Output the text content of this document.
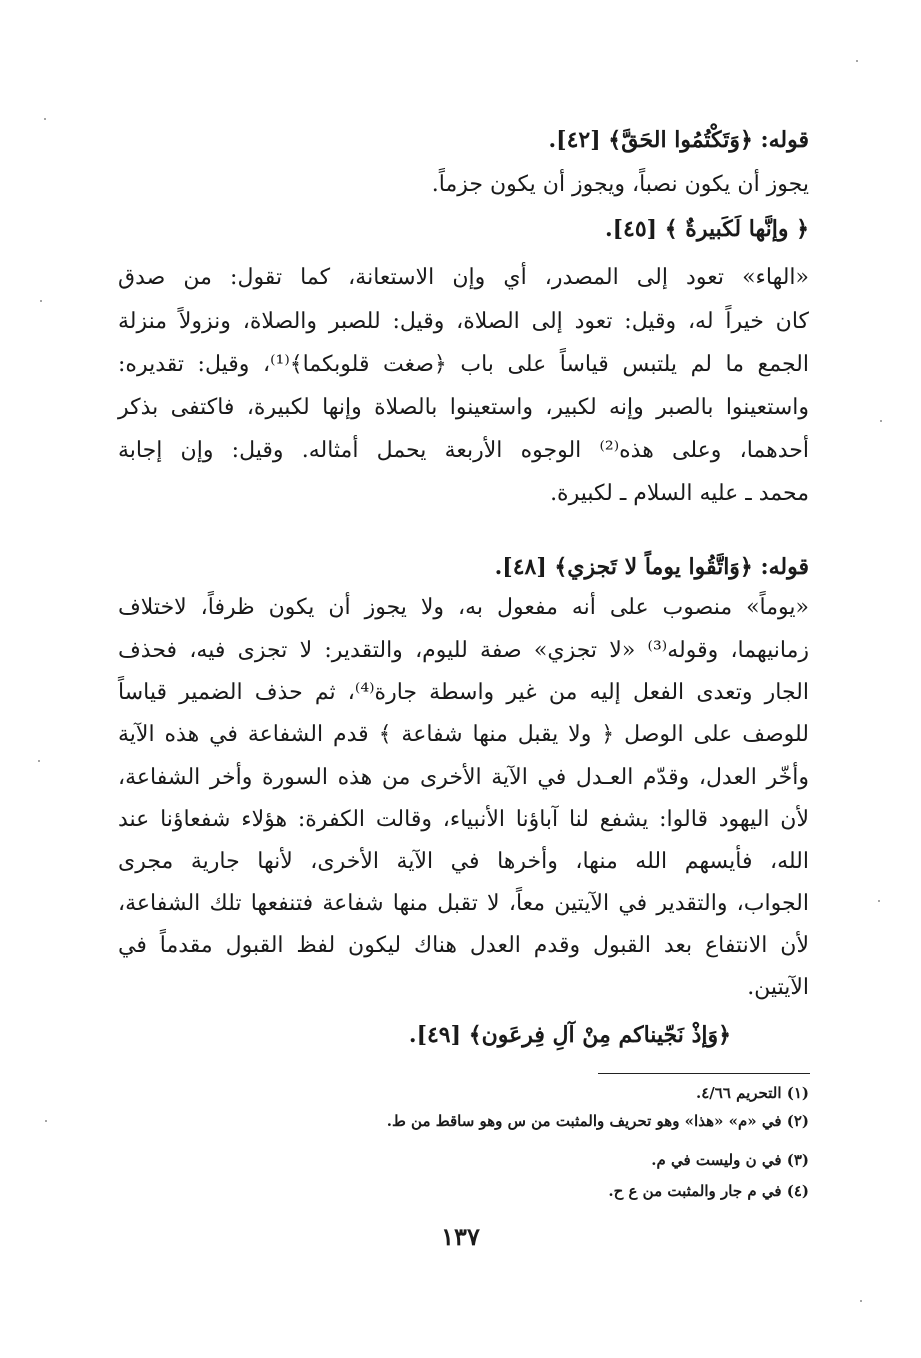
قوله: ﴿وَتَكْتُمُوا الحَقَّ﴾ [٤٢].
يجوز أن يكون نصباً، ويجوز أن يكون جزماً.
﴿ وإنَّها لَكَبيرةٌ ﴾ [٤٥].
«الهاء» تعود إلى المصدر، أي وإن الاستعانة، كما تقول: من صدق
كان خيراً له، وقيل: تعود إلى الصلاة، وقيل: للصبر والصلاة، ونزولاً منزلة
الجمع ما لم يلتبس قياساً على باب ﴿صغت قلوبكما﴾⁽¹⁾، وقيل: تقديره:
واستعينوا بالصبر وإنه لكبير، واستعينوا بالصلاة وإنها لكبيرة، فاكتفى بذكر
أحدهما، وعلى هذه⁽²⁾ الوجوه الأربعة يحمل أمثاله. وقيل: وإن إجابة
محمد ـ عليه السلام ـ لكبيرة.
قوله: ﴿وَاتَّقُوا يوماً لا تَجزي﴾ [٤٨].
«يوماً» منصوب على أنه مفعول به، ولا يجوز أن يكون ظرفاً، لاختلاف
زمانيهما، وقوله⁽³⁾ «لا تجزي» صفة لليوم، والتقدير: لا تجزى فيه، فحذف
الجار وتعدى الفعل إليه من غير واسطة جارة⁽⁴⁾، ثم حذف الضمير قياساً
للوصف على الوصل ﴿ ولا يقبل منها شفاعة ﴾ قدم الشفاعة في هذه الآية
وأخّر العدل، وقدّم العـدل في الآية الأخرى من هذه السورة وأخر الشفاعة،
لأن اليهود قالوا: يشفع لنا آباؤنا الأنبياء، وقالت الكفرة: هؤلاء شفعاؤنا عند
الله، فأيسهم الله منها، وأخرها في الآية الأخرى، لأنها جارية مجرى
الجواب، والتقدير في الآيتين معاً، لا تقبل منها شفاعة فتنفعها تلك الشفاعة،
لأن الانتفاع بعد القبول وقدم العدل هناك ليكون لفظ القبول مقدماً في
الآيتين.
﴿وَإذْ نَجّيناكم مِنْ آلِ فِرعَون﴾ [٤٩].
(١) التحريم ٤/٦٦.
(٢) في «م» «هذا» وهو تحريف والمثبت من س وهو ساقط من ط.
(٣) في ن وليست في م.
(٤) في م جار والمثبت من ع ح.
١٣٧
